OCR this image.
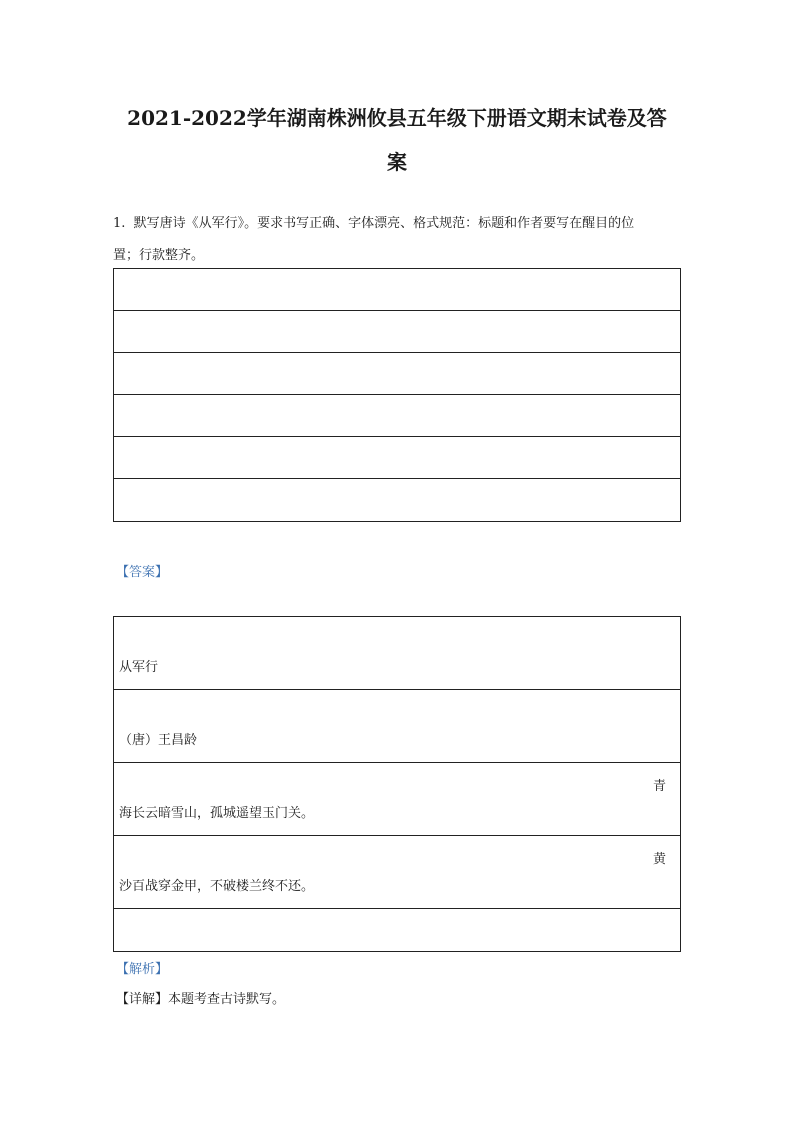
2021-2022学年湖南株洲攸县五年级下册语文期末试卷及答
案

1. 默写唐诗《从军行》。要求书写正确、字体漂亮、格式规范：标题和作者要写在醒目的位
置；行款整齐。

【答案】
从军行
（唐）王昌龄
青
海长云暗雪山，孤城遥望玉门关。
黄
沙百战穿金甲，不破楼兰终不还。
【解析】
【详解】本题考查古诗默写。
